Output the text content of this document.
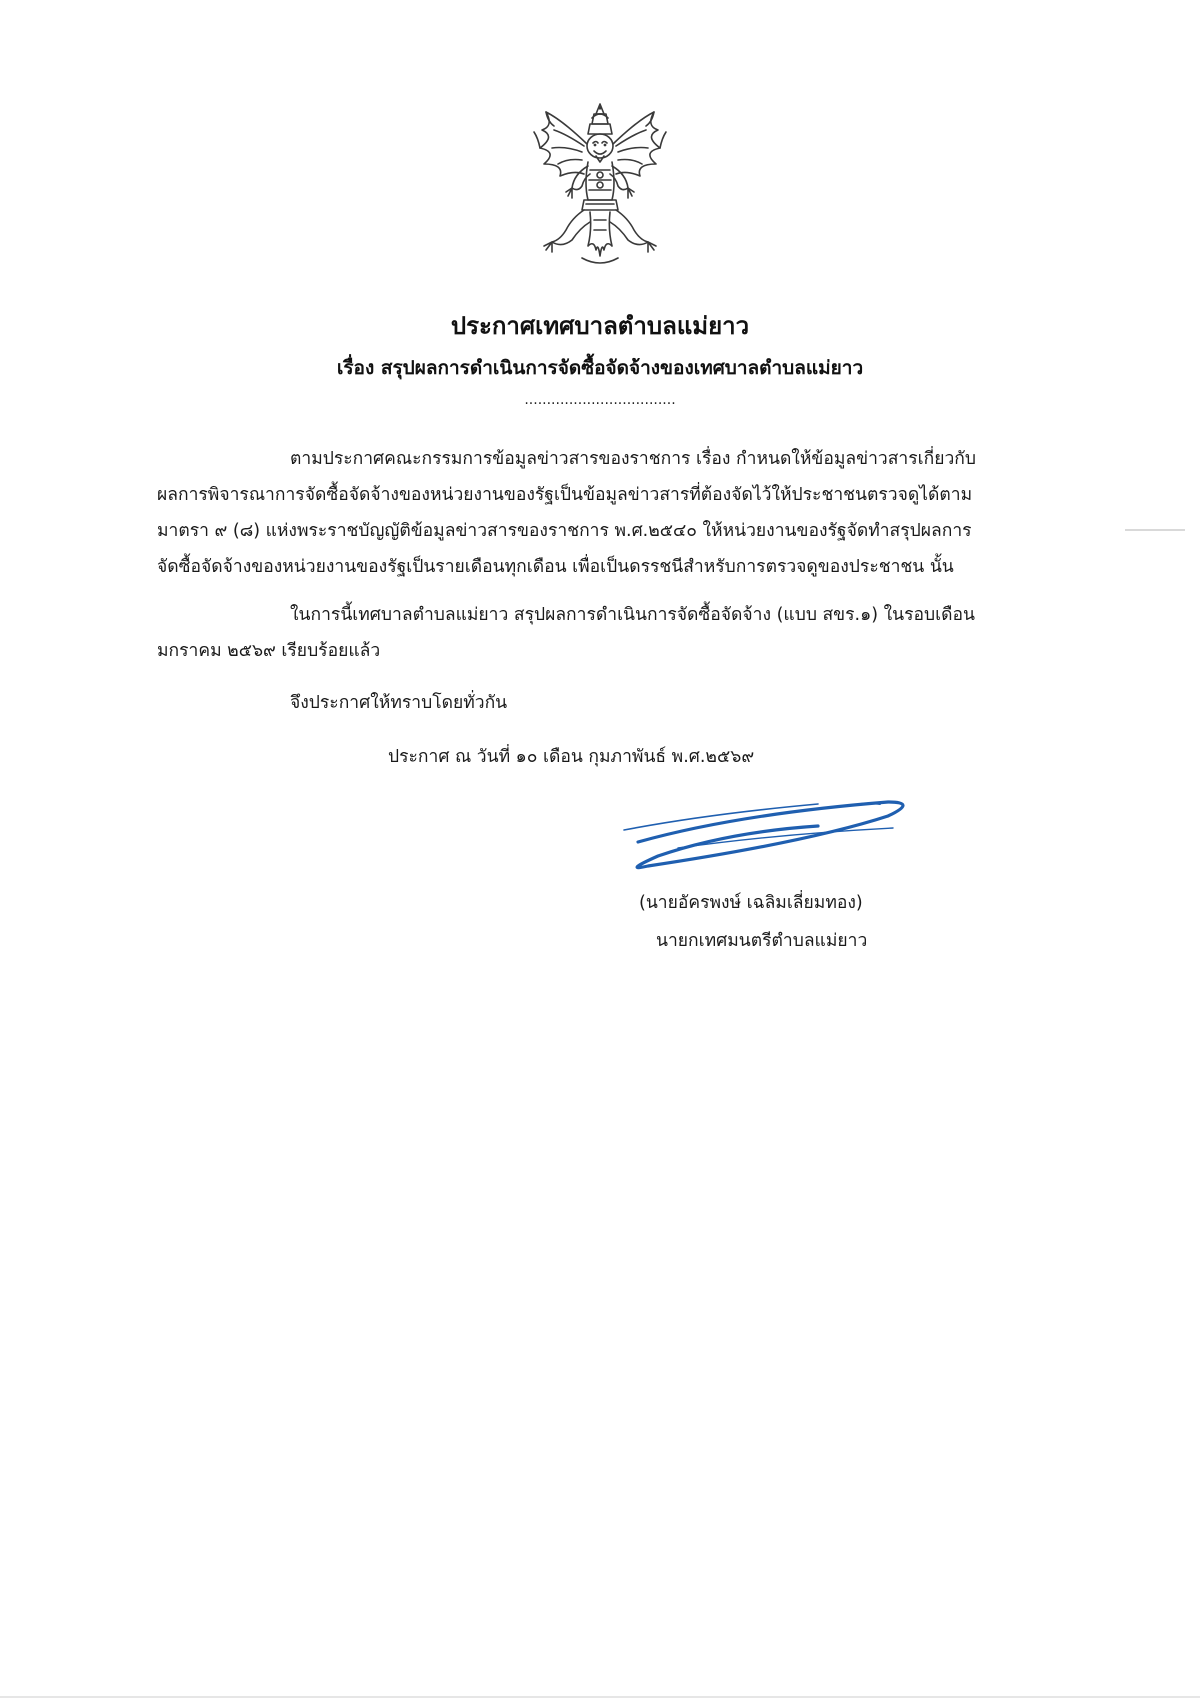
ประกาศเทศบาลตำบลแม่ยาว
เรื่อง สรุปผลการดำเนินการจัดซื้อจัดจ้างของเทศบาลตำบลแม่ยาว
..................................
ตามประกาศคณะกรรมการข้อมูลข่าวสารของราชการ เรื่อง กำหนดให้ข้อมูลข่าวสารเกี่ยวกับ
ผลการพิจารณาการจัดซื้อจัดจ้างของหน่วยงานของรัฐเป็นข้อมูลข่าวสารที่ต้องจัดไว้ให้ประชาชนตรวจดูได้ตาม
มาตรา ๙ (๘) แห่งพระราชบัญญัติข้อมูลข่าวสารของราชการ พ.ศ.๒๕๔๐ ให้หน่วยงานของรัฐจัดทำสรุปผลการ
จัดซื้อจัดจ้างของหน่วยงานของรัฐเป็นรายเดือนทุกเดือน เพื่อเป็นดรรชนีสำหรับการตรวจดูของประชาชน นั้น
ในการนี้เทศบาลตำบลแม่ยาว สรุปผลการดำเนินการจัดซื้อจัดจ้าง (แบบ สขร.๑) ในรอบเดือน
มกราคม ๒๕๖๙ เรียบร้อยแล้ว
จึงประกาศให้ทราบโดยทั่วกัน
ประกาศ ณ วันที่ ๑๐ เดือน กุมภาพันธ์ พ.ศ.๒๕๖๙
(นายอัครพงษ์ เฉลิมเลี่ยมทอง)
นายกเทศมนตรีตำบลแม่ยาว
